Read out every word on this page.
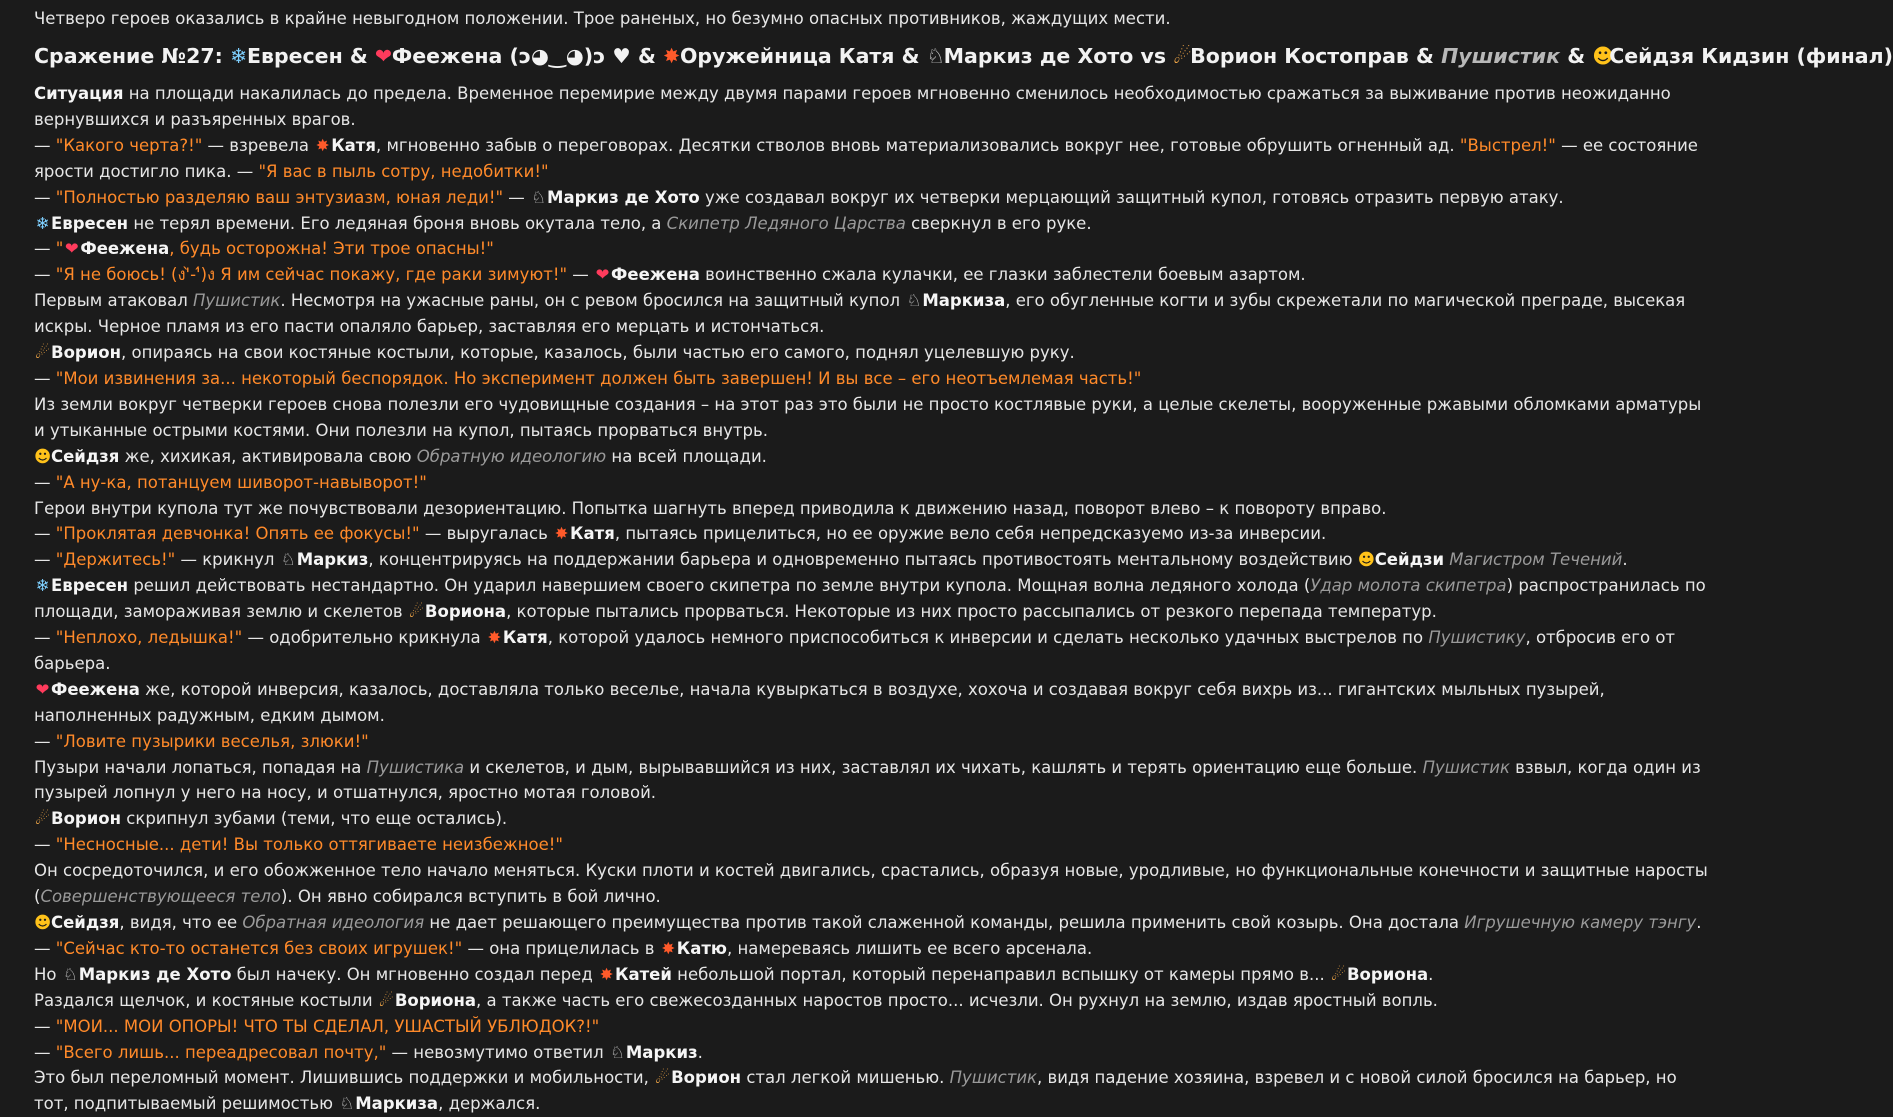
Четверо героев оказались в крайне невыгодном положении. Трое раненых, но безумно опасных противников, жаждущих мести.
Сражение №27: ❄Евресен & ❤Феежена (ↄ◕‿◕)ↄ ♥ & ✸Оружейница Катя & ♘Маркиз де Хото vs ☄Ворион Костоправ & Пушистик & ☻Сейдзя Кидзин (финал)

Ситуация на площади накалилась до предела. Временное перемирие между двумя парами героев мгновенно сменилось необходимостью сражаться за выживание против неожиданно вернувшихся и разъяренных врагов.

— "Какого черта?!" — взревела ✸Катя, мгновенно забыв о переговорах. Десятки стволов вновь материализовались вокруг нее, готовые обрушить огненный ад. "Выстрел!" — ее состояние ярости достигло пика. — "Я вас в пыль сотру, недобитки!"

— "Полностью разделяю ваш энтузиазм, юная леди!" — ♘Маркиз де Хото уже создавал вокруг их четверки мерцающий защитный купол, готовясь отразить первую атаку.

❄Евресен не терял времени. Его ледяная броня вновь окутала тело, а Скипетр Ледяного Царства сверкнул в его руке.

— "❤Феежена, будь осторожна! Эти трое опасны!"

— "Я не боюсь! (ง'̀-'́)ง Я им сейчас покажу, где раки зимуют!" — ❤Феежена воинственно сжала кулачки, ее глазки заблестели боевым азартом.

Первым атаковал Пушистик. Несмотря на ужасные раны, он с ревом бросился на защитный купол ♘Маркиза, его обугленные когти и зубы скрежетали по магической преграде, высекая искры. Черное пламя из его пасти опаляло барьер, заставляя его мерцать и истончаться.

☄Ворион, опираясь на свои костяные костыли, которые, казалось, были частью его самого, поднял уцелевшую руку.

— "Мои извинения за... некоторый беспорядок. Но эксперимент должен быть завершен! И вы все – его неотъемлемая часть!"

Из земли вокруг четверки героев снова полезли его чудовищные создания – на этот раз это были не просто костлявые руки, а целые скелеты, вооруженные ржавыми обломками арматуры и утыканные острыми костями. Они полезли на купол, пытаясь прорваться внутрь.

☻Сейдзя же, хихикая, активировала свою Обратную идеологию на всей площади.

— "А ну-ка, потанцуем шиворот-навыворот!"

Герои внутри купола тут же почувствовали дезориентацию. Попытка шагнуть вперед приводила к движению назад, поворот влево – к повороту вправо.

— "Проклятая девчонка! Опять ее фокусы!" — выругалась ✸Катя, пытаясь прицелиться, но ее оружие вело себя непредсказуемо из-за инверсии.

— "Держитесь!" — крикнул ♘Маркиз, концентрируясь на поддержании барьера и одновременно пытаясь противостоять ментальному воздействию ☻Сейдзи Магистром Течений.

❄Евресен решил действовать нестандартно. Он ударил навершием своего скипетра по земле внутри купола. Мощная волна ледяного холода (Удар молота скипетра) распространилась по площади, замораживая землю и скелетов ☄Вориона, которые пытались прорваться. Некоторые из них просто рассыпались от резкого перепада температур.

— "Неплохо, ледышка!" — одобрительно крикнула ✸Катя, которой удалось немного приспособиться к инверсии и сделать несколько удачных выстрелов по Пушистику, отбросив его от барьера.

❤Феежена же, которой инверсия, казалось, доставляла только веселье, начала кувыркаться в воздухе, хохоча и создавая вокруг себя вихрь из... гигантских мыльных пузырей, наполненных радужным, едким дымом.

— "Ловите пузырики веселья, злюки!"

Пузыри начали лопаться, попадая на Пушистика и скелетов, и дым, вырывавшийся из них, заставлял их чихать, кашлять и терять ориентацию еще больше. Пушистик взвыл, когда один из пузырей лопнул у него на носу, и отшатнулся, яростно мотая головой.

☄Ворион скрипнул зубами (теми, что еще остались).

— "Несносные... дети! Вы только оттягиваете неизбежное!"

Он сосредоточился, и его обожженное тело начало меняться. Куски плоти и костей двигались, срастались, образуя новые, уродливые, но функциональные конечности и защитные наросты (Совершенствующееся тело). Он явно собирался вступить в бой лично.

☻Сейдзя, видя, что ее Обратная идеология не дает решающего преимущества против такой слаженной команды, решила применить свой козырь. Она достала Игрушечную камеру тэнгу.

— "Сейчас кто-то останется без своих игрушек!" — она прицелилась в ✸Катю, намереваясь лишить ее всего арсенала.

Но ♘Маркиз де Хото был начеку. Он мгновенно создал перед ✸Катей небольшой портал, который перенаправил вспышку от камеры прямо в... ☄Вориона.

Раздался щелчок, и костяные костыли ☄Вориона, а также часть его свежесозданных наростов просто... исчезли. Он рухнул на землю, издав яростный вопль.

— "МОИ... МОИ ОПОРЫ! ЧТО ТЫ СДЕЛАЛ, УШАСТЫЙ УБЛЮДОК?!"

— "Всего лишь... переадресовал почту," — невозмутимо ответил ♘Маркиз.

Это был переломный момент. Лишившись поддержки и мобильности, ☄Ворион стал легкой мишенью. Пушистик, видя падение хозяина, взревел и с новой силой бросился на барьер, но тот, подпитываемый решимостью ♘Маркиза, держался.
